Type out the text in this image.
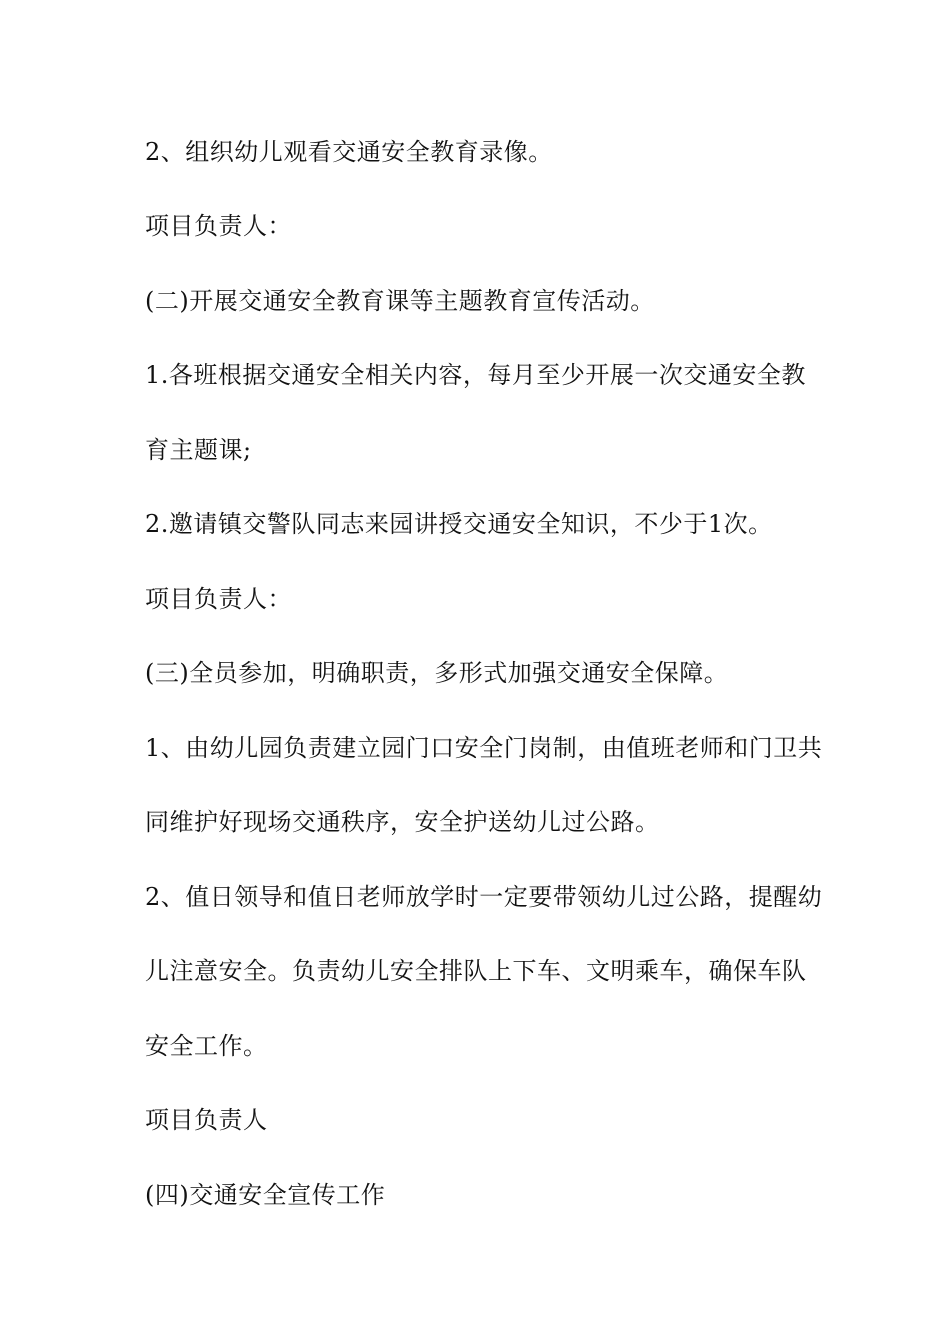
2、组织幼儿观看交通安全教育录像。
项目负责人：
(二)开展交通安全教育课等主题教育宣传活动。
1.各班根据交通安全相关内容，每月至少开展一次交通安全教
育主题课;
2.邀请镇交警队同志来园讲授交通安全知识，不少于1次。
项目负责人：
(三)全员参加，明确职责，多形式加强交通安全保障。
1、由幼儿园负责建立园门口安全门岗制，由值班老师和门卫共
同维护好现场交通秩序，安全护送幼儿过公路。
2、值日领导和值日老师放学时一定要带领幼儿过公路，提醒幼
儿注意安全。负责幼儿安全排队上下车、文明乘车，确保车队
安全工作。
项目负责人
(四)交通安全宣传工作
